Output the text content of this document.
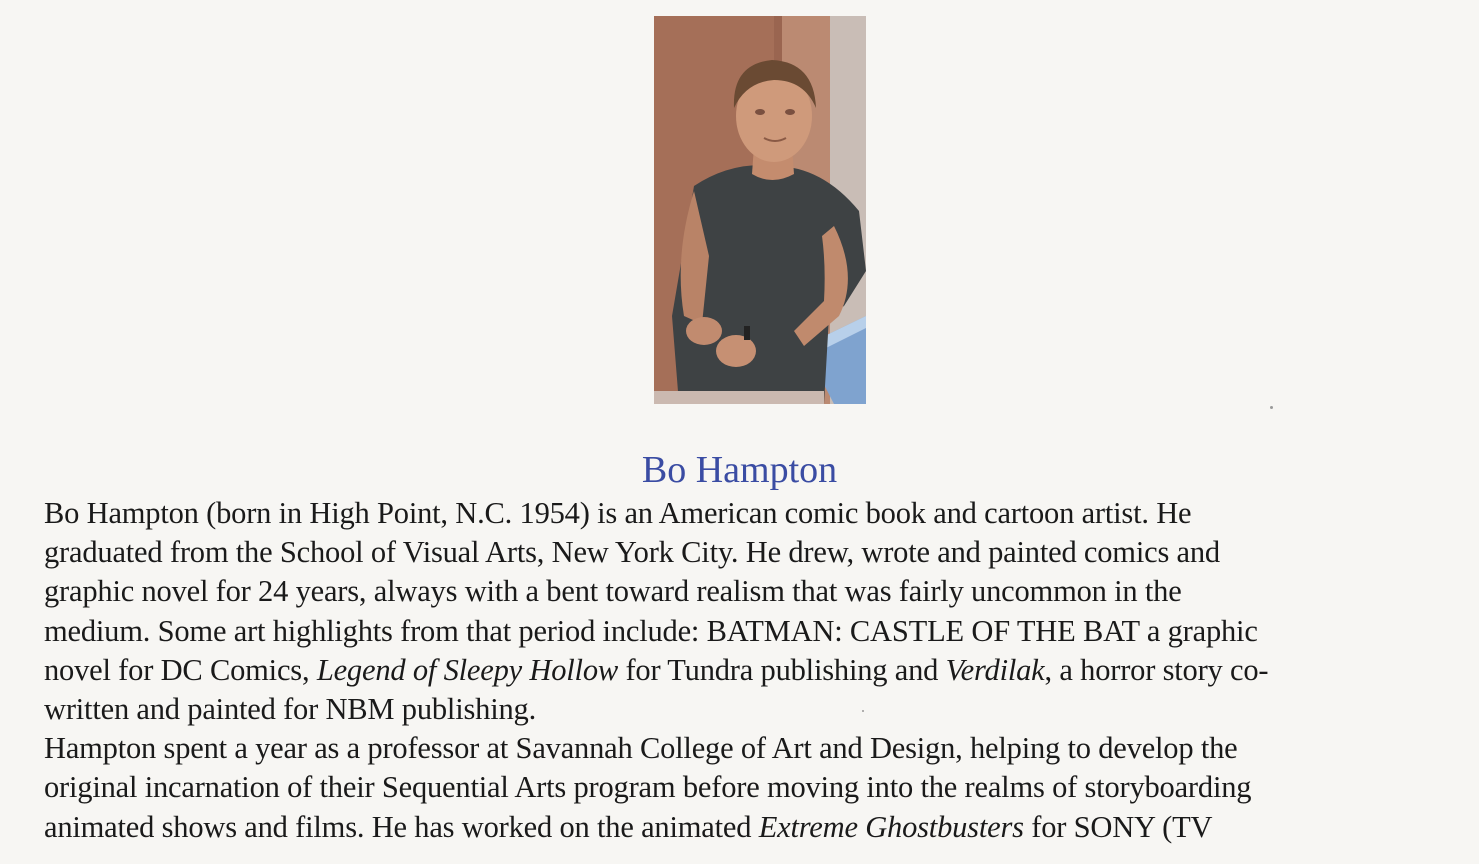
Bo Hampton

Bo Hampton (born in High Point, N.C. 1954) is an American comic book and cartoon artist. He
graduated from the School of Visual Arts, New York City. He drew, wrote and painted comics and
graphic novel for 24 years, always with a bent toward realism that was fairly uncommon in the
medium. Some art highlights from that period include: BATMAN: CASTLE OF THE BAT a graphic
novel for DC Comics, Legend of Sleepy Hollow for Tundra publishing and Verdilak, a horror story co-
written and painted for NBM publishing.

Hampton spent a year as a professor at Savannah College of Art and Design, helping to develop the
original incarnation of their Sequential Arts program before moving into the realms of storyboarding
animated shows and films. He has worked on the animated Extreme Ghostbusters for SONY (TV
